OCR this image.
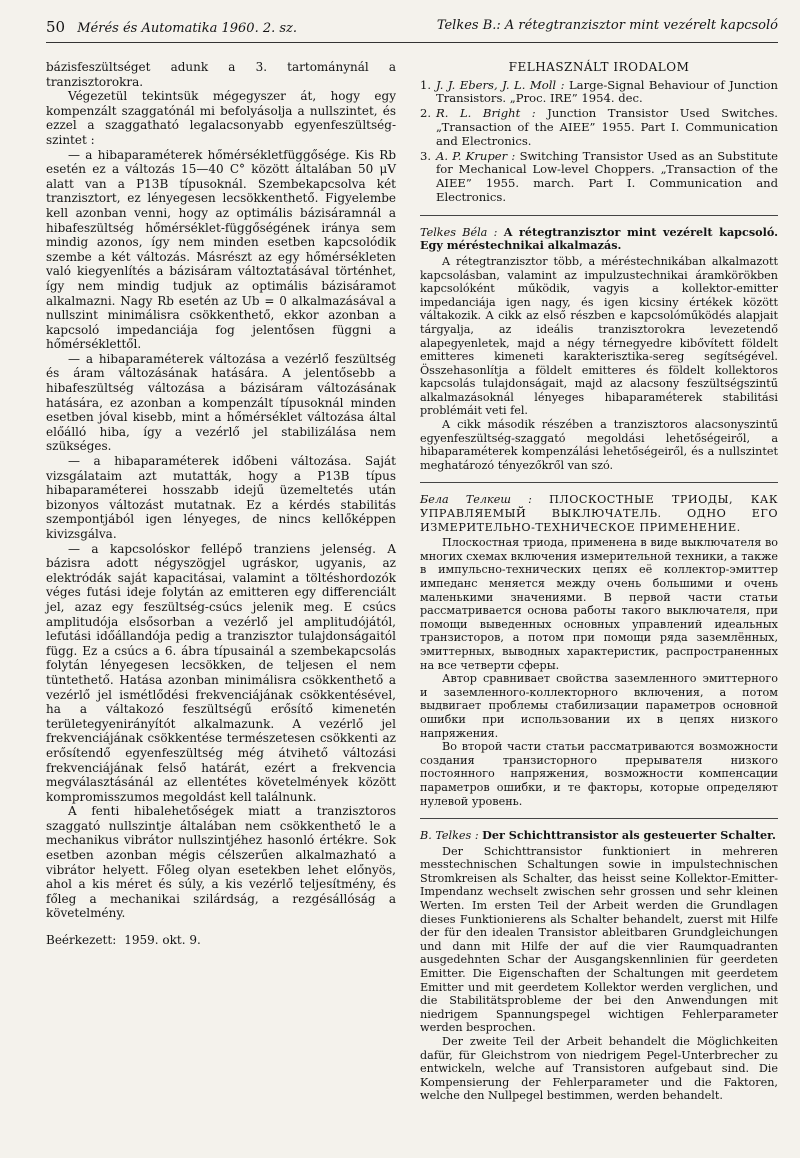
50 Mérés és Automatika 1960. 2. sz.	Telkes B.: A rétegtranzisztor mint vezérelt kapcsoló

bázisfeszültséget adunk a 3. tartománynál a tranzisztorokra.

Végezetül tekintsük mégegyszer át, hogy egy kompenzált szaggatónál mi befolyásolja a nullszintet, és ezzel a szaggatható legalacsonyabb egyenfeszültség-szintet :

— a hibaparaméterek hőmérsékletfüggősége. Kis Rb esetén ez a változás 15—40 C° között általában 50 μV alatt van a P13B típusoknál. Szembekapcsolva két tranzisztort, ez lényegesen lecsökkenthető. Figyelembe kell azonban venni, hogy az optimális bázisáramnál a hibafeszültség hőmérséklet-függőségének iránya sem mindig azonos, így nem minden esetben kapcsolódik szembe a két változás. Másrészt az egy hőmérsékleten való kiegyenlítés a bázisáram változtatásával történhet, így nem mindig tudjuk az optimális bázisáramot alkalmazni. Nagy Rb esetén az Ub = 0 alkalmazásával a nullszint minimálisra csökkenthető, ekkor azonban a kapcsoló impedanciája fog jelentősen függni a hőmérséklettől.

— a hibaparaméterek változása a vezérlő feszültség és áram változásának hatására. A jelentősebb a hibafeszültség változása a bázisáram változásának hatására, ez azonban a kompenzált típusoknál minden esetben jóval kisebb, mint a hőmérséklet változása által előálló hiba, így a vezérlő jel stabilizálása nem szükséges.

— a hibaparaméterek időbeni változása. Saját vizsgálataim azt mutatták, hogy a P13B típus hibaparaméterei hosszabb idejű üzemeltetés után bizonyos változást mutatnak. Ez a kérdés stabilitás szempontjából igen lényeges, de nincs kellőképpen kivizsgálva.

— a kapcsolóskor fellépő tranziens jelenség. A bázisra adott négyszögjel ugráskor, ugyanis, az elektródák saját kapacitásai, valamint a töltéshordozók véges futási ideje folytán az emitteren egy differenciált jel, azaz egy feszültség-csúcs jelenik meg. E csúcs amplitudója elsősorban a vezérlő jel amplitudójától, lefutási időállandója pedig a tranzisztor tulajdonságaitól függ. Ez a csúcs a 6. ábra típusainál a szembekapcsolás folytán lényegesen lecsökken, de teljesen el nem tüntethető. Hatása azonban minimálisra csökkenthető a vezérlő jel ismétlődési frekvenciájának csökkentésével, ha a váltakozó feszültségű erősítő kimenetén területegyenirányítót alkalmazunk. A vezérlő jel frekvenciájának csökkentése természetesen csökkenti az erősítendő egyenfeszültség még átvihető változási frekvenciájának felső határát, ezért a frekvencia megválasztásánál az ellentétes követelmények között kompromisszumos megoldást kell találnunk.

A fenti hibalehetőségek miatt a tranzisztoros szaggató nullszintje általában nem csökkenthető le a mechanikus vibrátor nullszintjéhez hasonló értékre. Sok esetben azonban mégis célszerűen alkalmazható a vibrátor helyett. Főleg olyan esetekben lehet előnyös, ahol a kis méret és súly, a kis vezérlő teljesítmény, és főleg a mechanikai szilárdság, a rezgésállóság a követelmény.

Beérkezett: 1959. okt. 9.
FELHASZNÁLT IRODALOM
1. J. J. Ebers, J. L. Moll : Large-Signal Behaviour of Junction Transistors. „Proc. IRE” 1954. dec.
2. R. L. Bright : Junction Transistor Used Switches. „Transaction of the AIEE” 1955. Part I. Communication and Electronics.
3. A. P. Kruper : Switching Transistor Used as an Substitute for Mechanical Low-level Choppers. „Transaction of the AIEE” 1955. march. Part I. Communication and Electronics.

Telkes Béla : A rétegtranzisztor mint vezérelt kapcsoló. Egy méréstechnikai alkalmazás.

A rétegtranzisztor több, a méréstechnikában alkalmazott kapcsolásban, valamint az impulzustechnikai áramkörökben kapcsolóként működik, vagyis a kollektor-emitter impedanciája igen nagy, és igen kicsiny értékek között váltakozik. A cikk az első részben e kapcsolóműködés alapjait tárgyalja, az ideális tranzisztorokra levezetendő alapegyenletek, majd a négy térnegyedre kibővített földelt emitteres kimeneti karakterisztika-sereg segítségével. Összehasonlítja a földelt emitteres és földelt kollektoros kapcsolás tulajdonságait, majd az alacsony feszültségszintű alkalmazásoknál lényeges hibaparaméterek stabilitási problémáit veti fel.

A cikk második részében a tranzisztoros alacsonyszintű egyenfeszültség-szaggató megoldási lehetőségeiről, a hibaparaméterek kompenzálási lehetőségeiről, és a nullszintet meghatározó tényezőkről van szó.

Бела Телкеш : ПЛОСКОСТНЫЕ ТРИОДЫ, КАК УПРАВЛЯЕМЫЙ ВЫКЛЮЧАТЕЛЬ. ОДНО ЕГО ИЗМЕРИТЕЛЬНО-ТЕХНИЧЕСКОЕ ПРИМЕНЕНИЕ.

Плоскостная триода, применена в виде выключателя во многих схемах включения измерительной техники, а также в импульсно-технических цепях её коллектор-эмиттер импеданс меняется между очень большими и очень маленькими значениями. В первой части статьи рассматривается основа работы такого выключателя, при помощи выведенных основных управлений идеальных транзисторов, а потом при помощи ряда заземлённых, эмиттерных, выводных характеристик, распространенных на все четверти сферы.

Автор сравнивает свойства заземленного эмиттерного и заземленного-коллекторного включения, а потом выдвигает проблемы стабилизации параметров основной ошибки при использовании их в цепях низкого напряжения.

Во второй части статьи рассматриваются возможности создания транзисторного прерывателя низкого постоянного напряжения, возможности компенсации параметров ошибки, и те факторы, которые определяют нулевой уровень.

B. Telkes : Der Schichttransistor als gesteuerter Schalter.

Der Schichttransistor funktioniert in mehreren messtechnischen Schaltungen sowie in impulstechnischen Stromkreisen als Schalter, das heisst seine Kollektor-Emitter-Impendanz wechselt zwischen sehr grossen und sehr kleinen Werten. Im ersten Teil der Arbeit werden die Grundlagen dieses Funktionierens als Schalter behandelt, zuerst mit Hilfe der für den idealen Transistor ableitbaren Grundgleichungen und dann mit Hilfe der auf die vier Raumquadranten ausgedehnten Schar der Ausgangskennlinien für geerdeten Emitter. Die Eigenschaften der Schaltungen mit geerdetem Emitter und mit geerdetem Kollektor werden verglichen, und die Stabilitätsprobleme der bei den Anwendungen mit niedrigem Spannungspegel wichtigen Fehlerparameter werden besprochen.

Der zweite Teil der Arbeit behandelt die Möglichkeiten dafür, für Gleichstrom von niedrigem Pegel-Unterbrecher zu entwickeln, welche auf Transistoren aufgebaut sind. Die Kompensierung der Fehlerparameter und die Faktoren, welche den Nullpegel bestimmen, werden behandelt.
